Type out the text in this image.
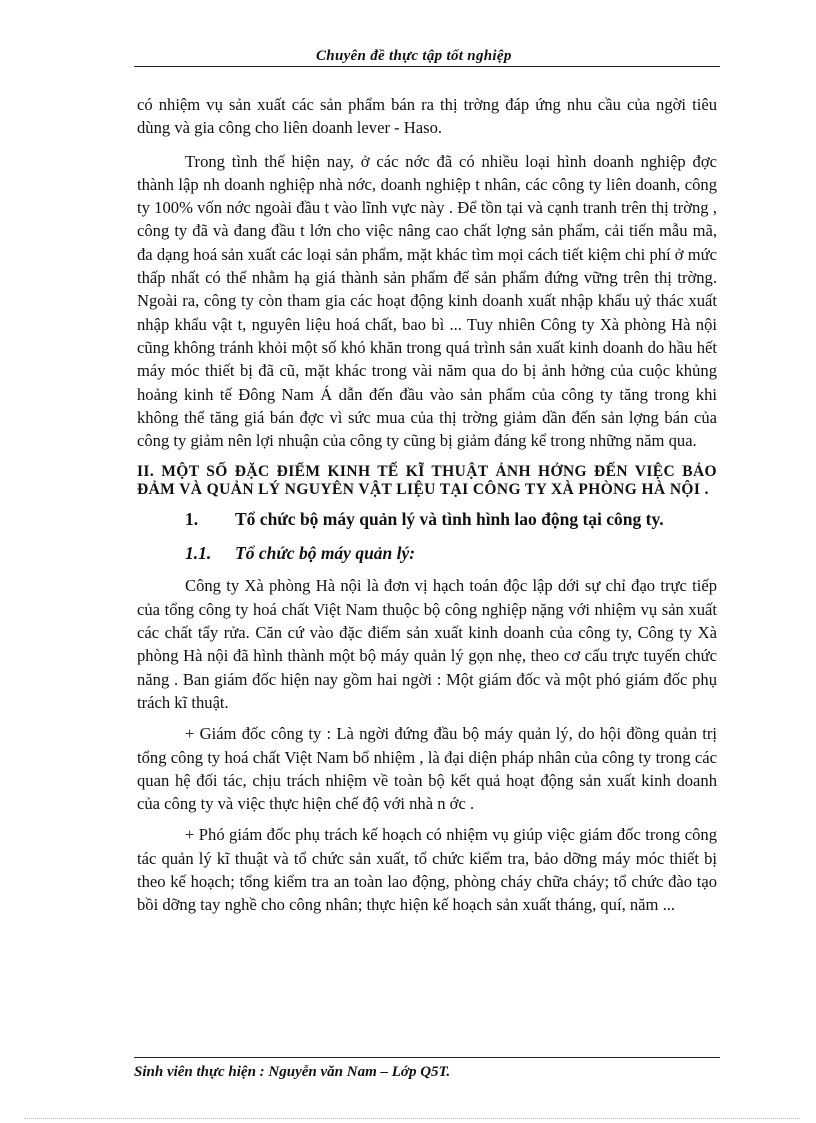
Chuyên đề thực tập tốt nghiệp

có nhiệm vụ sản xuất các sản phẩm bán ra thị trờng đáp ứng nhu cầu của ngời tiêu dùng và gia công cho liên doanh lever - Haso.

Trong tình thế hiện nay, ở các nớc đã có nhiều loại hình doanh nghiệp đợc thành lập nh doanh nghiệp nhà nớc, doanh nghiệp t nhân, các công ty liên doanh, công ty 100% vốn nớc ngoài đầu t vào lĩnh vực này . Để tồn tại và cạnh tranh trên thị trờng , công ty đã và đang đầu t lớn cho việc nâng cao chất lợng sản phẩm, cải tiến mẫu mã, đa dạng hoá sản xuất các loại sản phẩm, mặt khác tìm mọi cách tiết kiệm chi phí ở mức thấp nhất có thể nhằm hạ giá thành sản phẩm để sản phẩm đứng vững trên thị trờng. Ngoài ra, công ty còn tham gia các hoạt động kinh doanh xuất nhập khẩu uỷ thác xuất nhập khẩu vật t, nguyên liệu hoá chất, bao bì ... Tuy nhiên Công ty Xà phòng Hà nội cũng không tránh khỏi một số khó khăn trong quá trình sản xuất kinh doanh do hầu hết máy móc thiết bị đã cũ, mặt khác trong vài năm qua do bị ảnh hởng của cuộc khủng hoảng kinh tế Đông Nam Á dẫn đến đầu vào sản phẩm của công ty tăng trong khi không thể tăng giá bán đợc vì sức mua của thị trờng giảm dần đến sản lợng bán của công ty giảm nên lợi nhuận của công ty cũng bị giảm đáng kể trong những năm qua.

II. MỘT SỐ ĐẶC ĐIỂM KINH TẾ KĨ THUẬT ẢNH HỞNG ĐẾN VIỆC BẢO ĐẢM VÀ QUẢN LÝ NGUYÊN VẬT LIỆU TẠI CÔNG TY XÀ PHÒNG HÀ NỘI .
1. Tổ chức bộ máy quản lý và tình hình lao động tại công ty.
1.1. Tổ chức bộ máy quản lý:

Công ty Xà phòng Hà nội là đơn vị hạch toán độc lập dới sự chỉ đạo trực tiếp của tổng công ty hoá chất Việt Nam thuộc bộ công nghiệp nặng với nhiệm vụ sản xuất các chất tẩy rửa. Căn cứ vào đặc điểm sản xuất kinh doanh của công ty, Công ty Xà phòng Hà nội đã hình thành một bộ máy quản lý gọn nhẹ, theo cơ cấu trực tuyến chức năng . Ban giám đốc hiện nay gồm hai ngời : Một giám đốc và một phó giám đốc phụ trách kĩ thuật.

+ Giám đốc công ty : Là ngời đứng đầu bộ máy quản lý, do hội đồng quản trị tổng công ty hoá chất Việt Nam bổ nhiệm , là đại diện pháp nhân của công ty trong các quan hệ đối tác, chịu trách nhiệm về toàn bộ kết quả hoạt động sản xuất kinh doanh của công ty và việc thực hiện chế độ với nhà n ớc .

+ Phó giám đốc phụ trách kế hoạch có nhiệm vụ giúp việc giám đốc trong công tác quản lý kĩ thuật và tổ chức sản xuất, tổ chức kiểm tra, bảo dỡng máy móc thiết bị theo kế hoạch; tổng kiểm tra an toàn lao động, phòng cháy chữa cháy; tổ chức đào tạo bồi dỡng tay nghề cho công nhân; thực hiện kế hoạch sản xuất tháng, quí, năm ...

Sinh viên thực hiện : Nguyễn văn Nam – Lớp Q5T.
